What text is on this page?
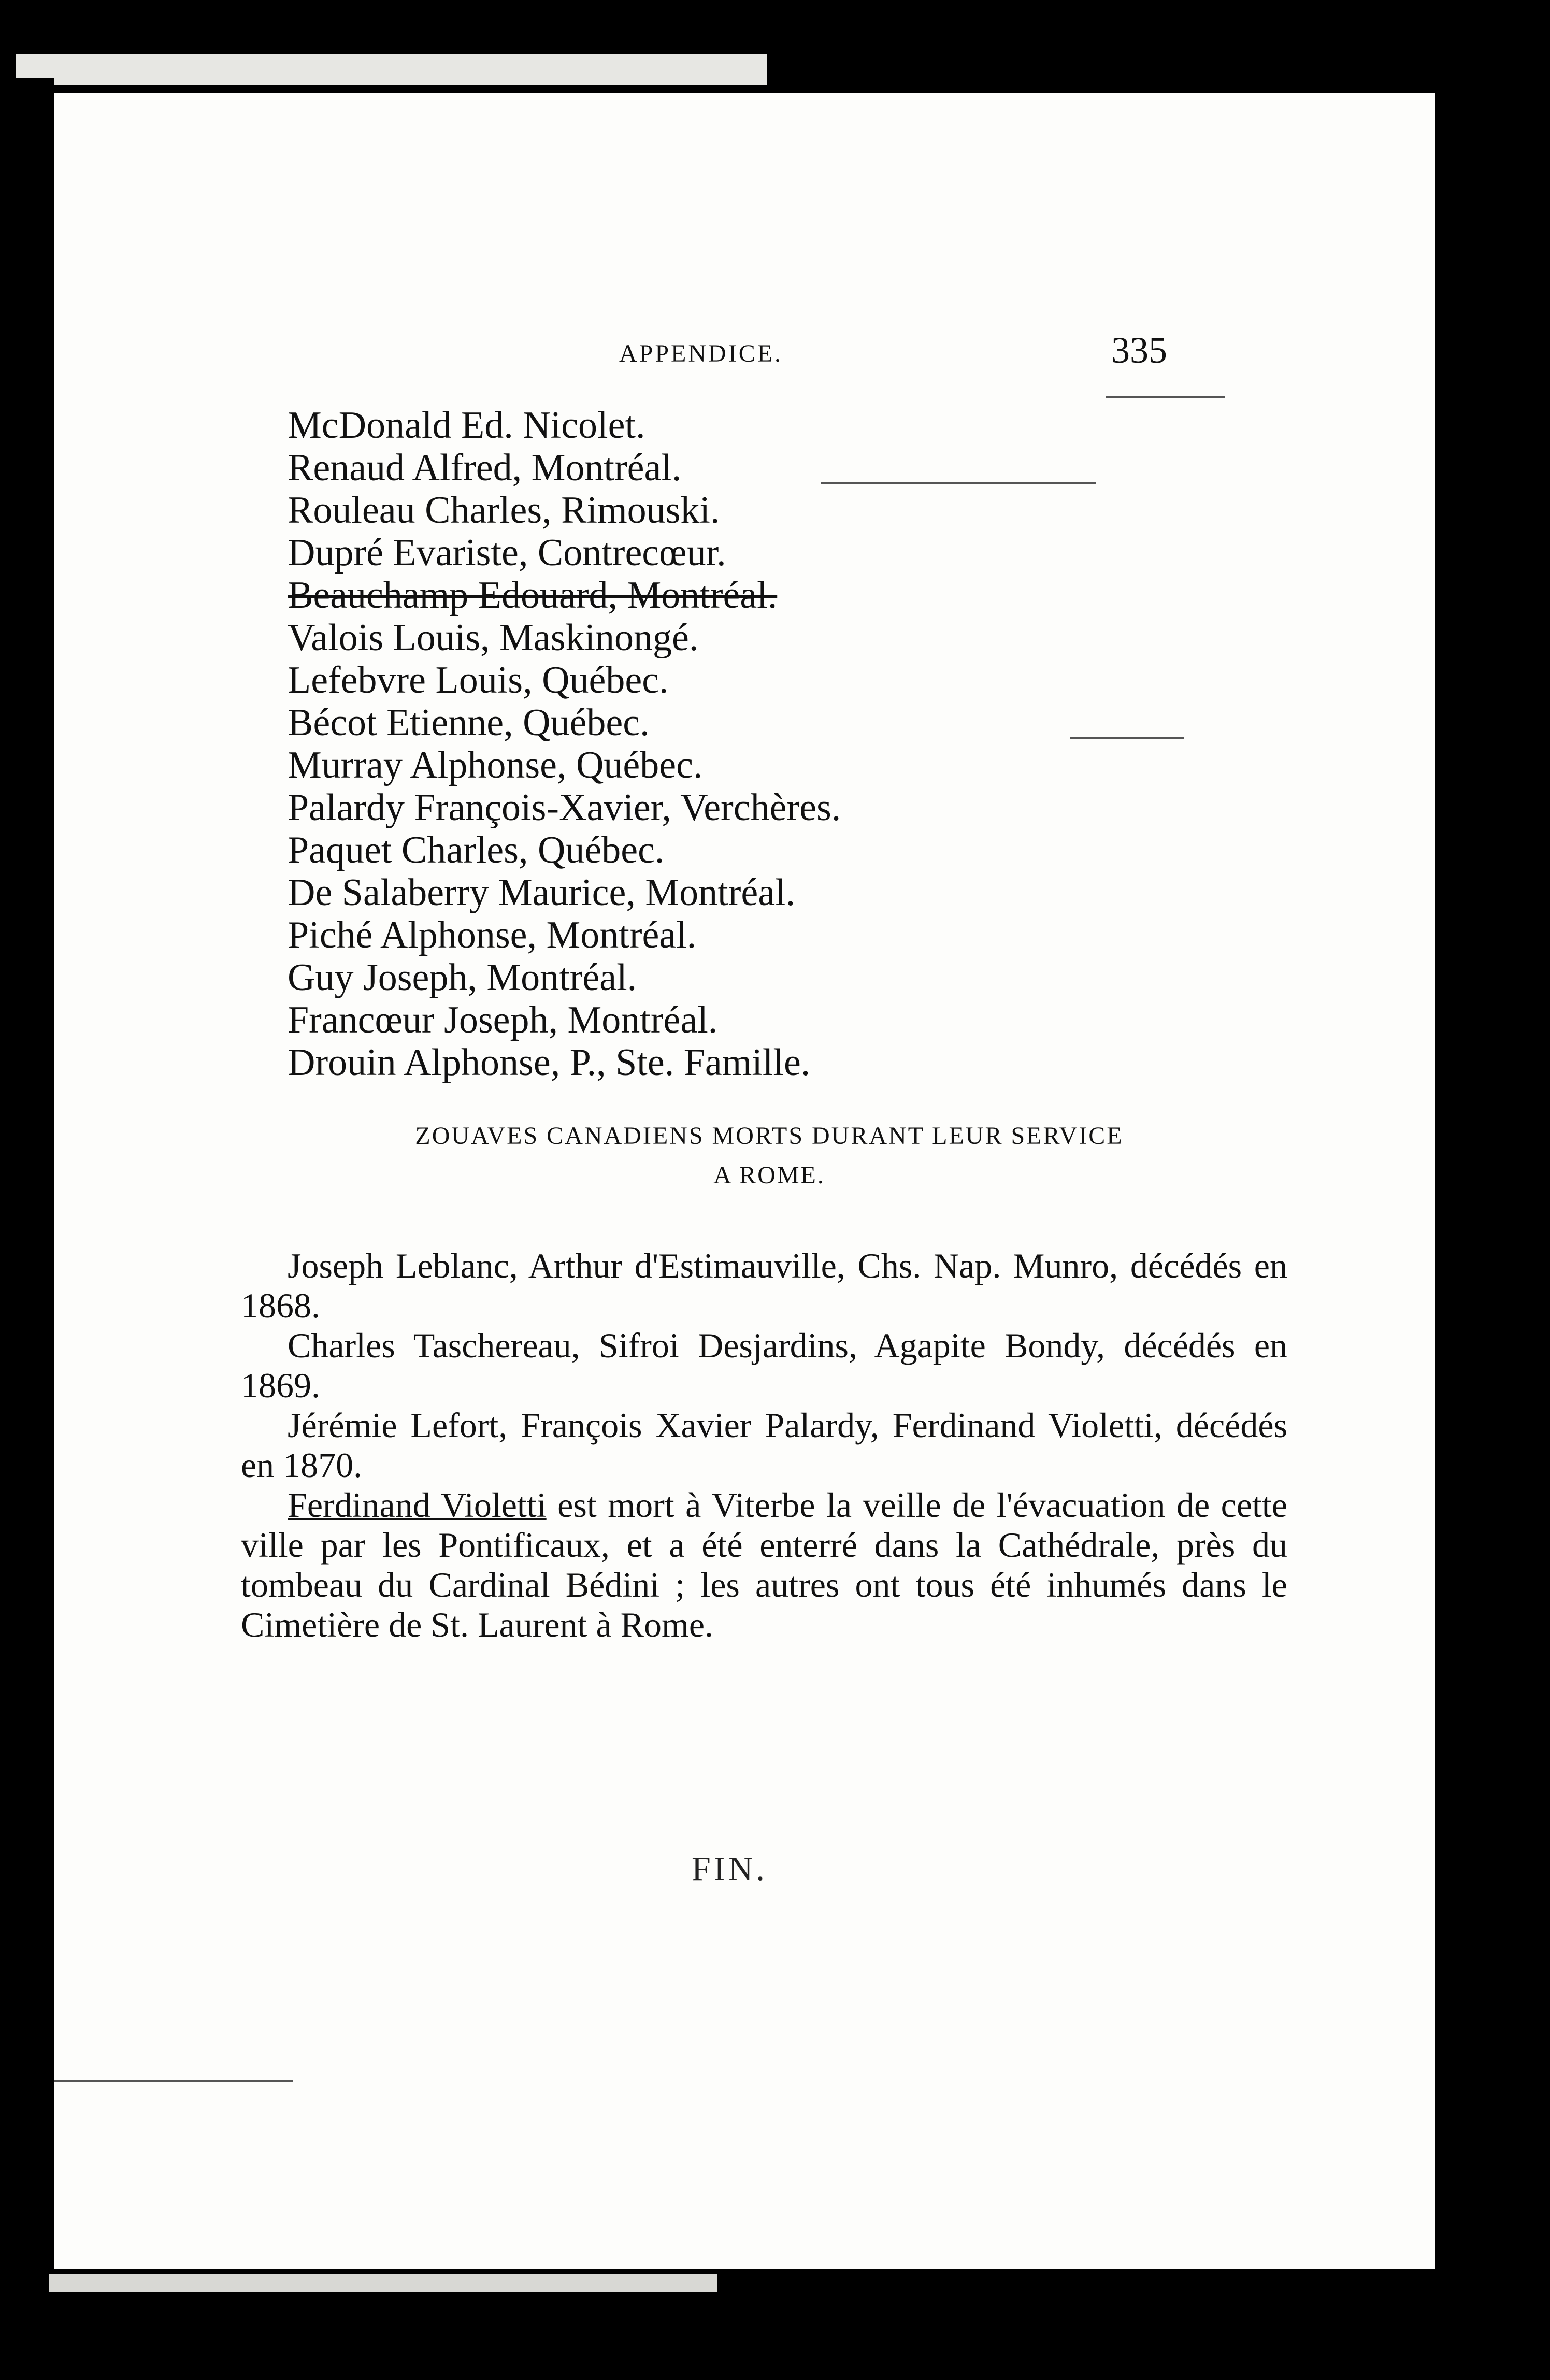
APPENDICE.	335
McDonald Ed. Nicolet.
Renaud Alfred, Montréal.
Rouleau Charles, Rimouski.
Dupré Evariste, Contrecœur.
Beauchamp Edouard, Montréal.
Valois Louis, Maskinongé.
Lefebvre Louis, Québec.
Bécot Etienne, Québec.
Murray Alphonse, Québec.
Palardy François-Xavier, Verchères.
Paquet Charles, Québec.
De Salaberry Maurice, Montréal.
Piché Alphonse, Montréal.
Guy Joseph, Montréal.
Francœur Joseph, Montréal.
Drouin Alphonse, P., Ste. Famille.
ZOUAVES CANADIENS MORTS DURANT LEUR SERVICE
A ROME.

Joseph Leblanc, Arthur d'Estimauville, Chs. Nap. Munro, décédés en 1868.

Charles Taschereau, Sifroi Desjardins, Agapite Bondy, décédés en 1869.

Jérémie Lefort, François Xavier Palardy, Ferdinand Violetti, décédés en 1870.

Ferdinand Violetti est mort à Viterbe la veille de l'évacuation de cette ville par les Pontificaux, et a été enterré dans la Cathédrale, près du tombeau du Cardinal Bédini ; les autres ont tous été inhumés dans le Cimetière de St. Laurent à Rome.

FIN.
